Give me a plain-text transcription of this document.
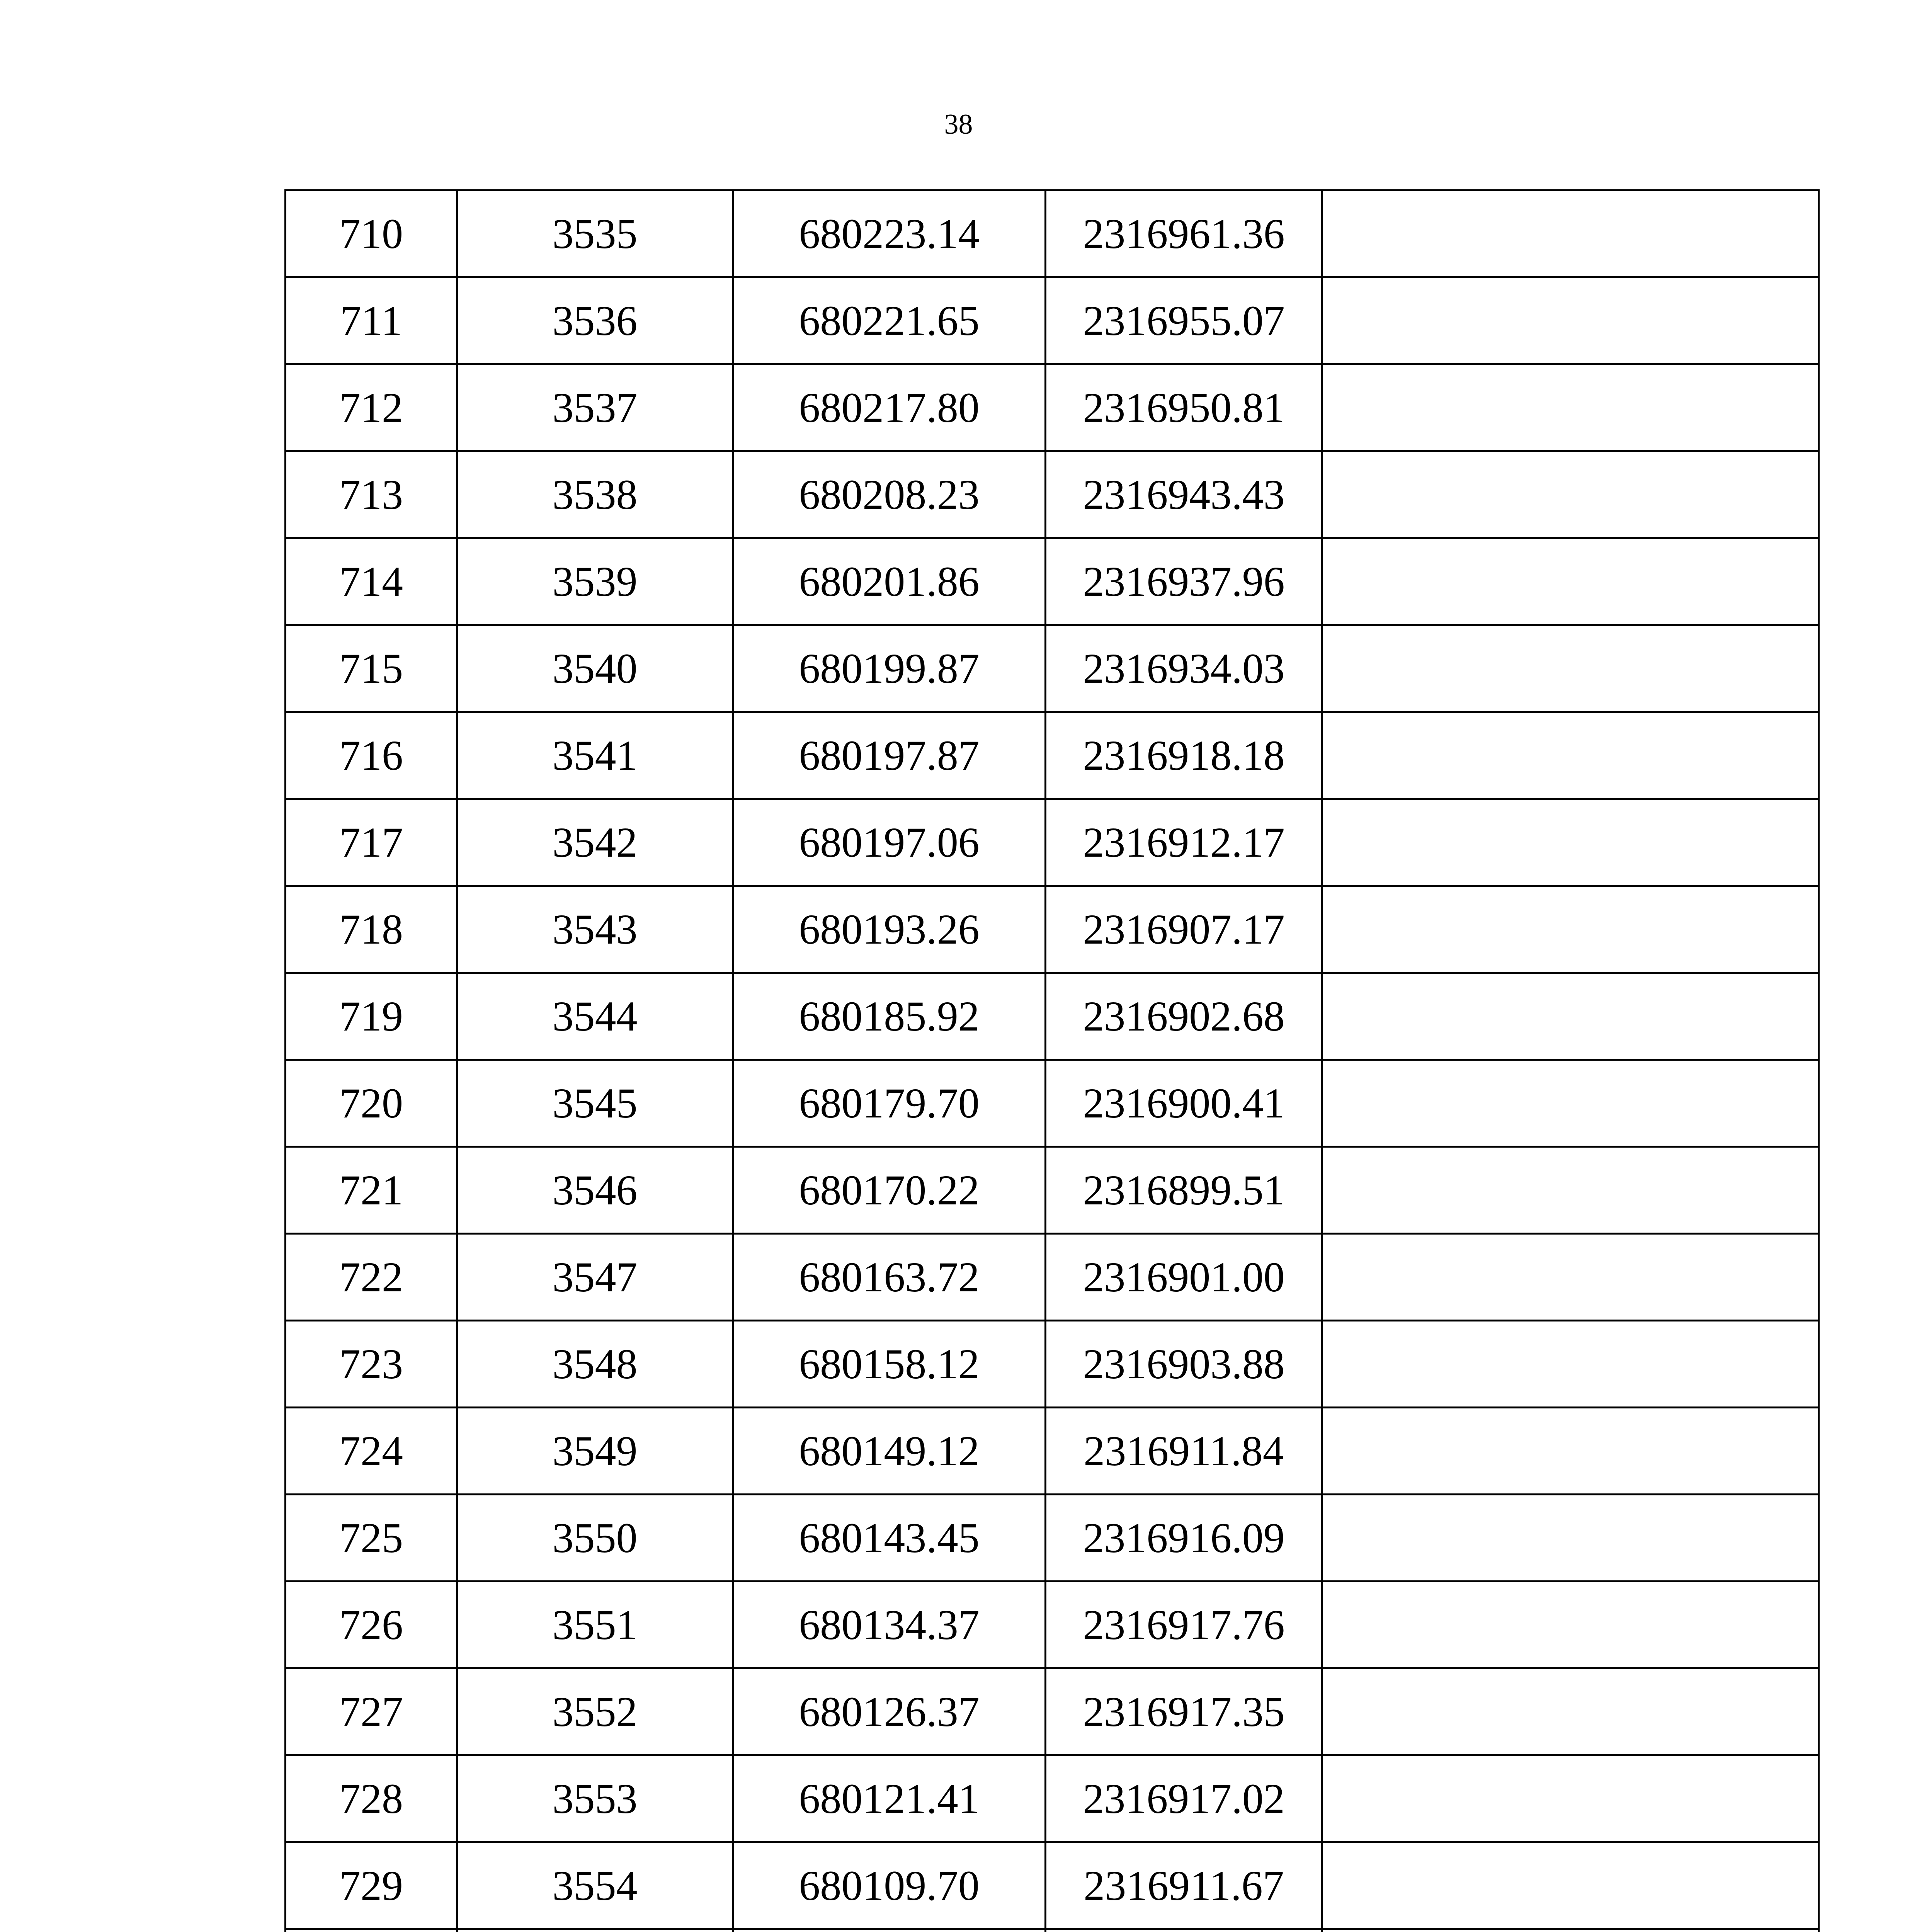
38
710	3535	680223.14	2316961.36	
711	3536	680221.65	2316955.07	
712	3537	680217.80	2316950.81	
713	3538	680208.23	2316943.43	
714	3539	680201.86	2316937.96	
715	3540	680199.87	2316934.03	
716	3541	680197.87	2316918.18	
717	3542	680197.06	2316912.17	
718	3543	680193.26	2316907.17	
719	3544	680185.92	2316902.68	
720	3545	680179.70	2316900.41	
721	3546	680170.22	2316899.51	
722	3547	680163.72	2316901.00	
723	3548	680158.12	2316903.88	
724	3549	680149.12	2316911.84	
725	3550	680143.45	2316916.09	
726	3551	680134.37	2316917.76	
727	3552	680126.37	2316917.35	
728	3553	680121.41	2316917.02	
729	3554	680109.70	2316911.67	
